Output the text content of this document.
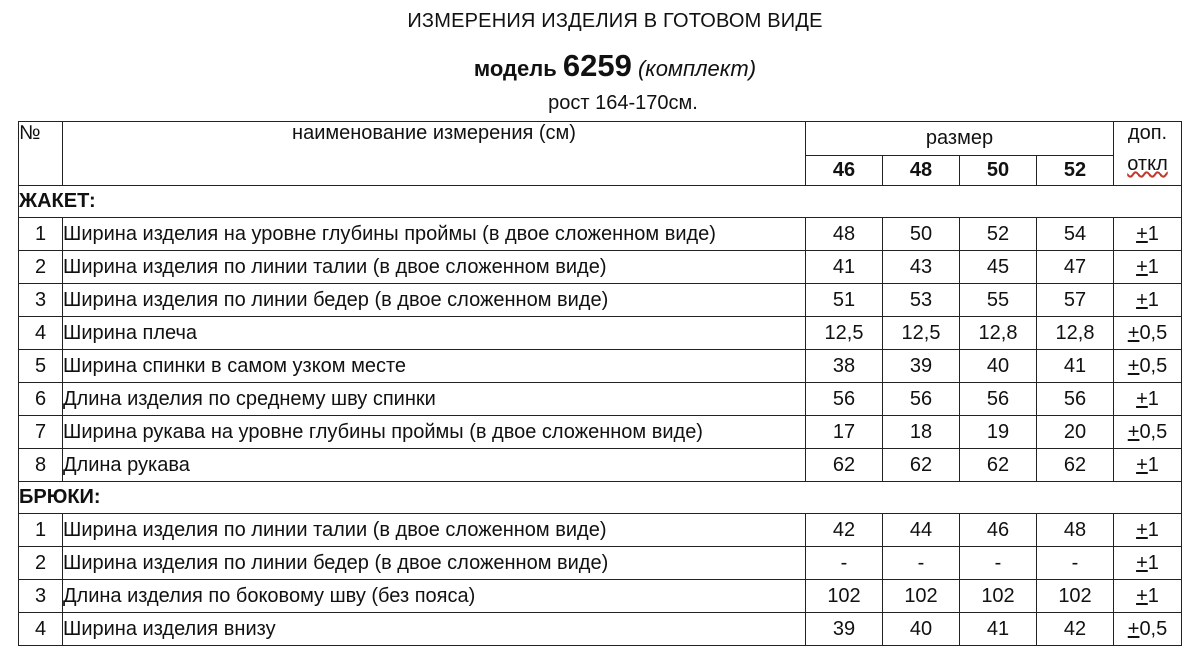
ИЗМЕРЕНИЯ ИЗДЕЛИЯ В ГОТОВОМ ВИДЕ
модель 6259 (комплект)
рост 164-170см.
№	наименование измерения (см)	размер				доп.
откл

		46	48	50	52	
ЖАКЕТ:						
1	Ширина изделия на уровне глубины проймы (в двое сложенном виде)	48	50	52	54	+1
2	Ширина изделия по линии талии (в двое сложенном виде)	41	43	45	47	+1
3	Ширина изделия по линии бедер (в двое сложенном виде)	51	53	55	57	+1
4	Ширина плеча	12,5	12,5	12,8	12,8	+0,5
5	Ширина спинки в самом узком месте	38	39	40	41	+0,5
6	Длина изделия по среднему шву спинки	56	56	56	56	+1
7	Ширина рукава на уровне глубины проймы (в двое сложенном виде)	17	18	19	20	+0,5
8	Длина рукава	62	62	62	62	+1
БРЮКИ:						
1	Ширина изделия по линии талии (в двое сложенном виде)	42	44	46	48	+1
2	Ширина изделия по линии бедер (в двое сложенном виде)	-	-	-	-	+1
3	Длина изделия по боковому шву (без пояса)	102	102	102	102	+1
4	Ширина изделия внизу	39	40	41	42	+0,5
